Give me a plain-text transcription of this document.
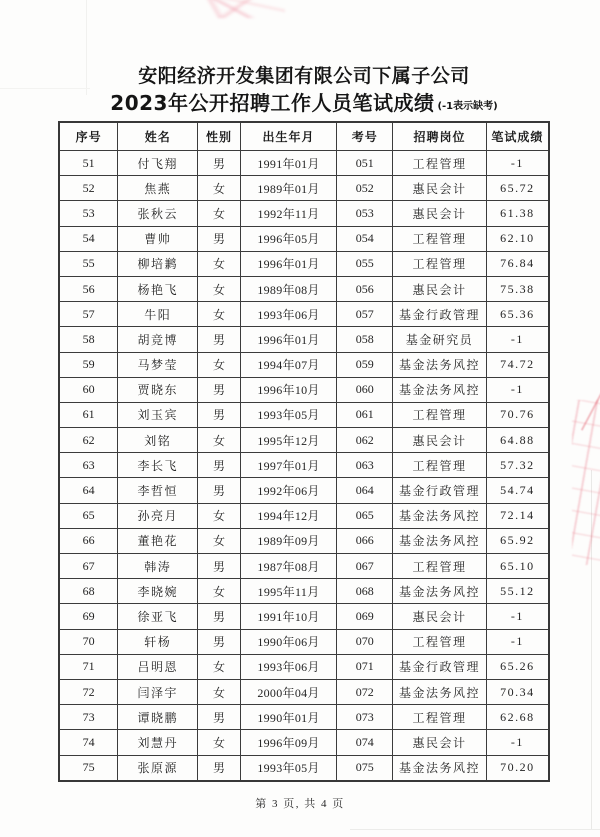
安阳经济开发集团有限公司下属子公司
2023年公开招聘工作人员笔试成绩 (-1表示缺考)
序号	姓名	性别	出生年月	考号	招聘岗位	笔试成绩
51	付飞翔	男	1991年01月	051	工程管理	-1
52	焦燕	女	1989年01月	052	惠民会计	65.72
53	张秋云	女	1992年11月	053	惠民会计	61.38
54	曹帅	男	1996年05月	054	工程管理	62.10
55	柳培鹣	女	1996年01月	055	工程管理	76.84
56	杨艳飞	女	1989年08月	056	惠民会计	75.38
57	牛阳	女	1993年06月	057	基金行政管理	65.36
58	胡竞博	男	1996年01月	058	基金研究员	-1
59	马梦莹	女	1994年07月	059	基金法务风控	74.72
60	贾晓东	男	1996年10月	060	基金法务风控	-1
61	刘玉宾	男	1993年05月	061	工程管理	70.76
62	刘铭	女	1995年12月	062	惠民会计	64.88
63	李长飞	男	1997年01月	063	工程管理	57.32
64	李哲恒	男	1992年06月	064	基金行政管理	54.74
65	孙亮月	女	1994年12月	065	基金法务风控	72.14
66	董艳花	女	1989年09月	066	基金法务风控	65.92
67	韩涛	男	1987年08月	067	工程管理	65.10
68	李晓婉	女	1995年11月	068	基金法务风控	55.12
69	徐亚飞	男	1991年10月	069	惠民会计	-1
70	轩杨	男	1990年06月	070	工程管理	-1
71	吕明恩	女	1993年06月	071	基金行政管理	65.26
72	闫泽宇	女	2000年04月	072	基金法务风控	70.34
73	谭晓鹏	男	1990年01月	073	工程管理	62.68
74	刘慧丹	女	1996年09月	074	惠民会计	-1
75	张原源	男	1993年05月	075	基金法务风控	70.20
第 3 页, 共 4 页
